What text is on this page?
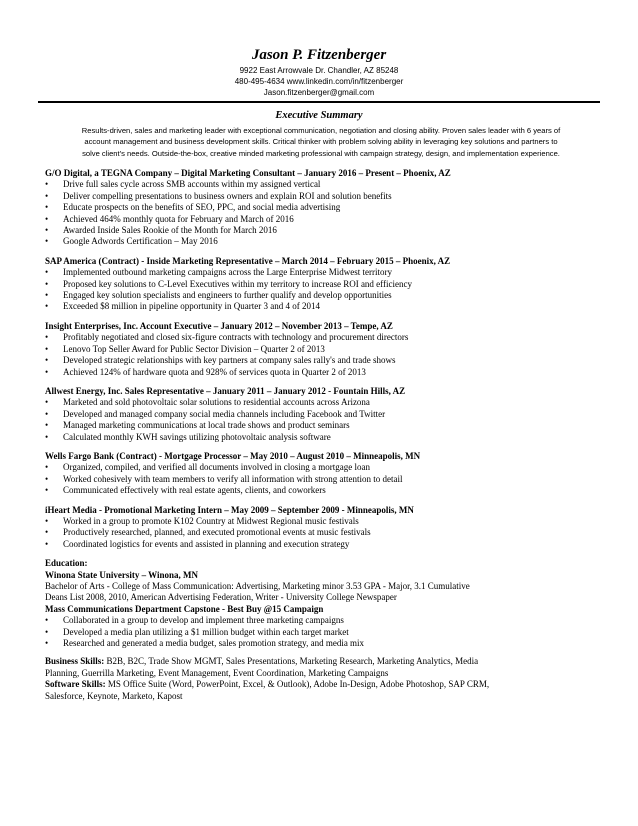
Jason P. Fitzenberger
9922 East Arrowvale Dr. Chandler, AZ 85248
480-495-4634 www.linkedin.com/in/fitzenberger
Jason.fitzenberger@gmail.com
Executive Summary
Results-driven, sales and marketing leader with exceptional communication, negotiation and closing ability. Proven sales leader with 6 years of
account management and business development skills. Critical thinker with problem solving ability in leveraging key solutions and partners to
solve client's needs. Outside-the-box, creative minded marketing professional with campaign strategy, design, and implementation experience.
G/O Digital, a TEGNA Company – Digital Marketing Consultant – January 2016 – Present – Phoenix, AZ
• Drive full sales cycle across SMB accounts within my assigned vertical
• Deliver compelling presentations to business owners and explain ROI and solution benefits
• Educate prospects on the benefits of SEO, PPC, and social media advertising
• Achieved 464% monthly quota for February and March of 2016
• Awarded Inside Sales Rookie of the Month for March 2016
• Google Adwords Certification – May 2016
SAP America (Contract) - Inside Marketing Representative – March 2014 – February 2015 – Phoenix, AZ
• Implemented outbound marketing campaigns across the Large Enterprise Midwest territory
• Proposed key solutions to C-Level Executives within my territory to increase ROI and efficiency
• Engaged key solution specialists and engineers to further qualify and develop opportunities
• Exceeded $8 million in pipeline opportunity in Quarter 3 and 4 of 2014
Insight Enterprises, Inc. Account Executive – January 2012 – November 2013 – Tempe, AZ
• Profitably negotiated and closed six-figure contracts with technology and procurement directors
• Lenovo Top Seller Award for Public Sector Division – Quarter 2 of 2013
• Developed strategic relationships with key partners at company sales rally's and trade shows
• Achieved 124% of hardware quota and 928% of services quota in Quarter 2 of 2013
Allwest Energy, Inc. Sales Representative – January 2011 – January 2012 - Fountain Hills, AZ
• Marketed and sold photovoltaic solar solutions to residential accounts across Arizona
• Developed and managed company social media channels including Facebook and Twitter
• Managed marketing communications at local trade shows and product seminars
• Calculated monthly KWH savings utilizing photovoltaic analysis software
Wells Fargo Bank (Contract) - Mortgage Processor – May 2010 – August 2010 – Minneapolis, MN
• Organized, compiled, and verified all documents involved in closing a mortgage loan
• Worked cohesively with team members to verify all information with strong attention to detail
• Communicated effectively with real estate agents, clients, and coworkers
iHeart Media - Promotional Marketing Intern – May 2009 – September 2009 - Minneapolis, MN
• Worked in a group to promote K102 Country at Midwest Regional music festivals
• Productively researched, planned, and executed promotional events at music festivals
• Coordinated logistics for events and assisted in planning and execution strategy
Education:
Winona State University – Winona, MN
Bachelor of Arts - College of Mass Communication: Advertising, Marketing minor 3.53 GPA - Major, 3.1 Cumulative
Deans List 2008, 2010, American Advertising Federation, Writer - University College Newspaper
Mass Communications Department Capstone - Best Buy @15 Campaign
• Collaborated in a group to develop and implement three marketing campaigns
• Developed a media plan utilizing a $1 million budget within each target market
• Researched and generated a media budget, sales promotion strategy, and media mix
Business Skills: B2B, B2C, Trade Show MGMT, Sales Presentations, Marketing Research, Marketing Analytics, Media
Planning, Guerrilla Marketing, Event Management, Event Coordination, Marketing Campaigns
Software Skills: MS Office Suite (Word, PowerPoint, Excel, & Outlook), Adobe In-Design, Adobe Photoshop, SAP CRM,
Salesforce, Keynote, Marketo, Kapost
